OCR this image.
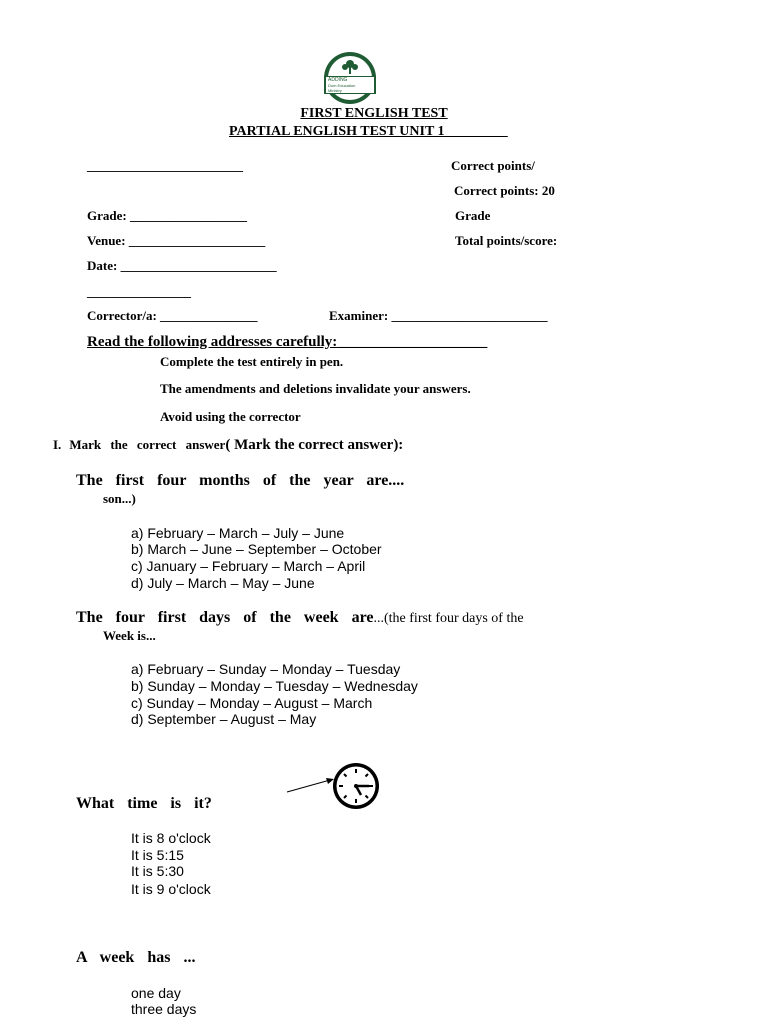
ADDING
Dom Education
Ministry
FIRST ENGLISH TEST
PARTIAL ENGLISH TEST UNIT 1_________
________________________
Grade: __________________
Venue: _____________________
Date: ________________________
________________
Corrector/a: _______________	Examiner: ________________________
Correct points/
Correct points: 20
Grade
Total points/score:
Read the following addresses carefully:____________________
Complete the test entirely in pen.
The amendments and deletions invalidate your answers.
Avoid using the corrector
I. Mark the correct answer( Mark the correct answer):
The first four months of the year are....
son...)
a) February – March – July – June
b) March – June – September – October
c) January – February – March – April
d) July – March – May – June
The four first days of the week are...(the first four days of the
Week is...
a) February – Sunday – Monday – Tuesday
b) Sunday – Monday – Tuesday – Wednesday
c) Sunday – Monday – August – March
d) September – August – May
What time is it?
It is 8 o'clock
It is 5:15
It is 5:30
It is 9 o'clock
A week has ...
one day
three days
